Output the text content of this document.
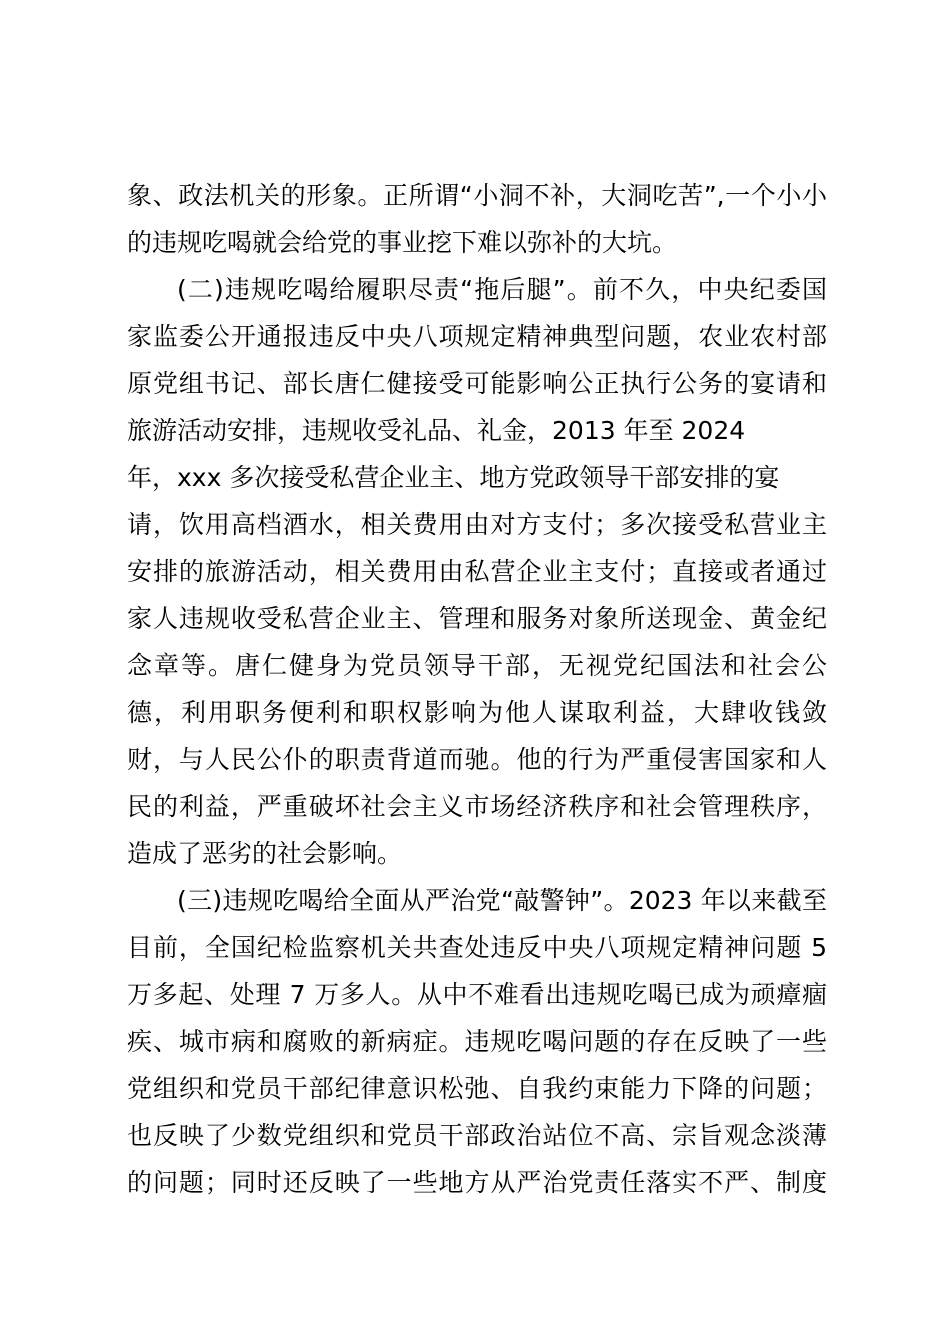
象、政法机关的形象。正所谓“小洞不补，大洞吃苦”,一个小小
的违规吃喝就会给党的事业挖下难以弥补的大坑。
(二)违规吃喝给履职尽责“拖后腿”。前不久，中央纪委国
家监委公开通报违反中央八项规定精神典型问题，农业农村部
原党组书记、部长唐仁健接受可能影响公正执行公务的宴请和
旅游活动安排，违规收受礼品、礼金，2013 年至 2024
年，xxx 多次接受私营企业主、地方党政领导干部安排的宴
请，饮用高档酒水，相关费用由对方支付；多次接受私营业主
安排的旅游活动，相关费用由私营企业主支付；直接或者通过
家人违规收受私营企业主、管理和服务对象所送现金、黄金纪
念章等。唐仁健身为党员领导干部，无视党纪国法和社会公
德，利用职务便利和职权影响为他人谋取利益，大肆收钱敛
财，与人民公仆的职责背道而驰。他的行为严重侵害国家和人
民的利益，严重破坏社会主义市场经济秩序和社会管理秩序，
造成了恶劣的社会影响。
(三)违规吃喝给全面从严治党“敲警钟”。2023 年以来截至
目前，全国纪检监察机关共查处违反中央八项规定精神问题 5
万多起、处理 7 万多人。从中不难看出违规吃喝已成为顽瘴痼
疾、城市病和腐败的新病症。违规吃喝问题的存在反映了一些
党组织和党员干部纪律意识松弛、自我约束能力下降的问题；
也反映了少数党组织和党员干部政治站位不高、宗旨观念淡薄
的问题；同时还反映了一些地方从严治党责任落实不严、制度
